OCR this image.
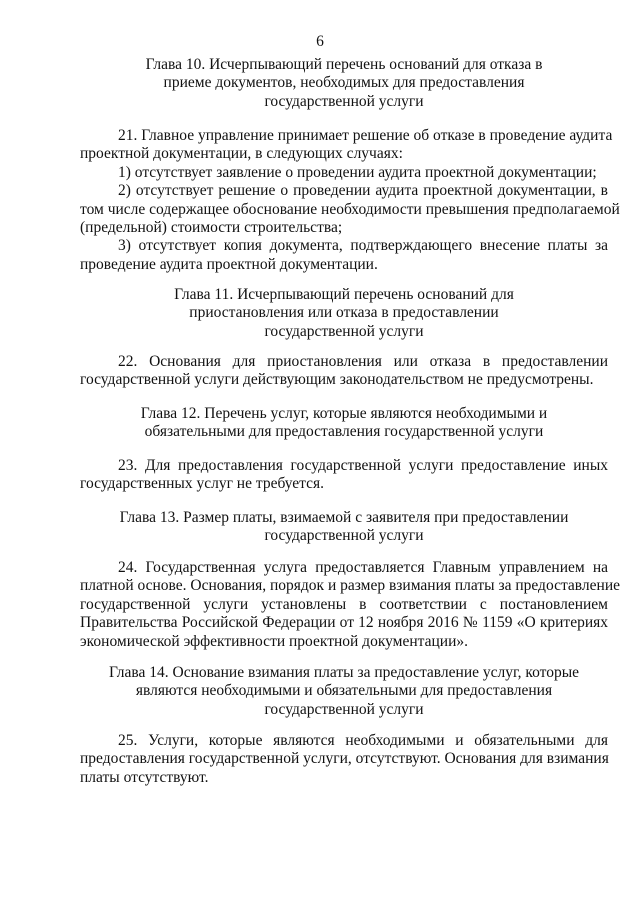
6
Глава 10. Исчерпывающий перечень оснований для отказа в
приеме документов, необходимых для предоставления
государственной услуги
21. Главное управление принимает решение об отказе в проведение аудита
проектной документации, в следующих случаях:
1) отсутствует заявление о проведении аудита проектной документации;
2) отсутствует решение о проведении аудита проектной документации, в
том числе содержащее обоснование необходимости превышения предполагаемой
(предельной) стоимости строительства;
3) отсутствует копия документа, подтверждающего внесение платы за
проведение аудита проектной документации.
Глава 11. Исчерпывающий перечень оснований для
приостановления или отказа в предоставлении
государственной услуги
22. Основания для приостановления или отказа в предоставлении
государственной услуги действующим законодательством не предусмотрены.
Глава 12. Перечень услуг, которые являются необходимыми и
обязательными для предоставления государственной услуги
23. Для предоставления государственной услуги предоставление иных
государственных услуг не требуется.
Глава 13. Размер платы, взимаемой с заявителя при предоставлении
государственной услуги
24. Государственная услуга предоставляется Главным управлением на
платной основе. Основания, порядок и размер взимания платы за предоставление
государственной услуги установлены в соответствии с постановлением
Правительства Российской Федерации от 12 ноября 2016 № 1159 «О критериях
экономической эффективности проектной документации».
Глава 14. Основание взимания платы за предоставление услуг, которые
являются необходимыми и обязательными для предоставления
государственной услуги
25. Услуги, которые являются необходимыми и обязательными для
предоставления государственной услуги, отсутствуют. Основания для взимания
платы отсутствуют.
